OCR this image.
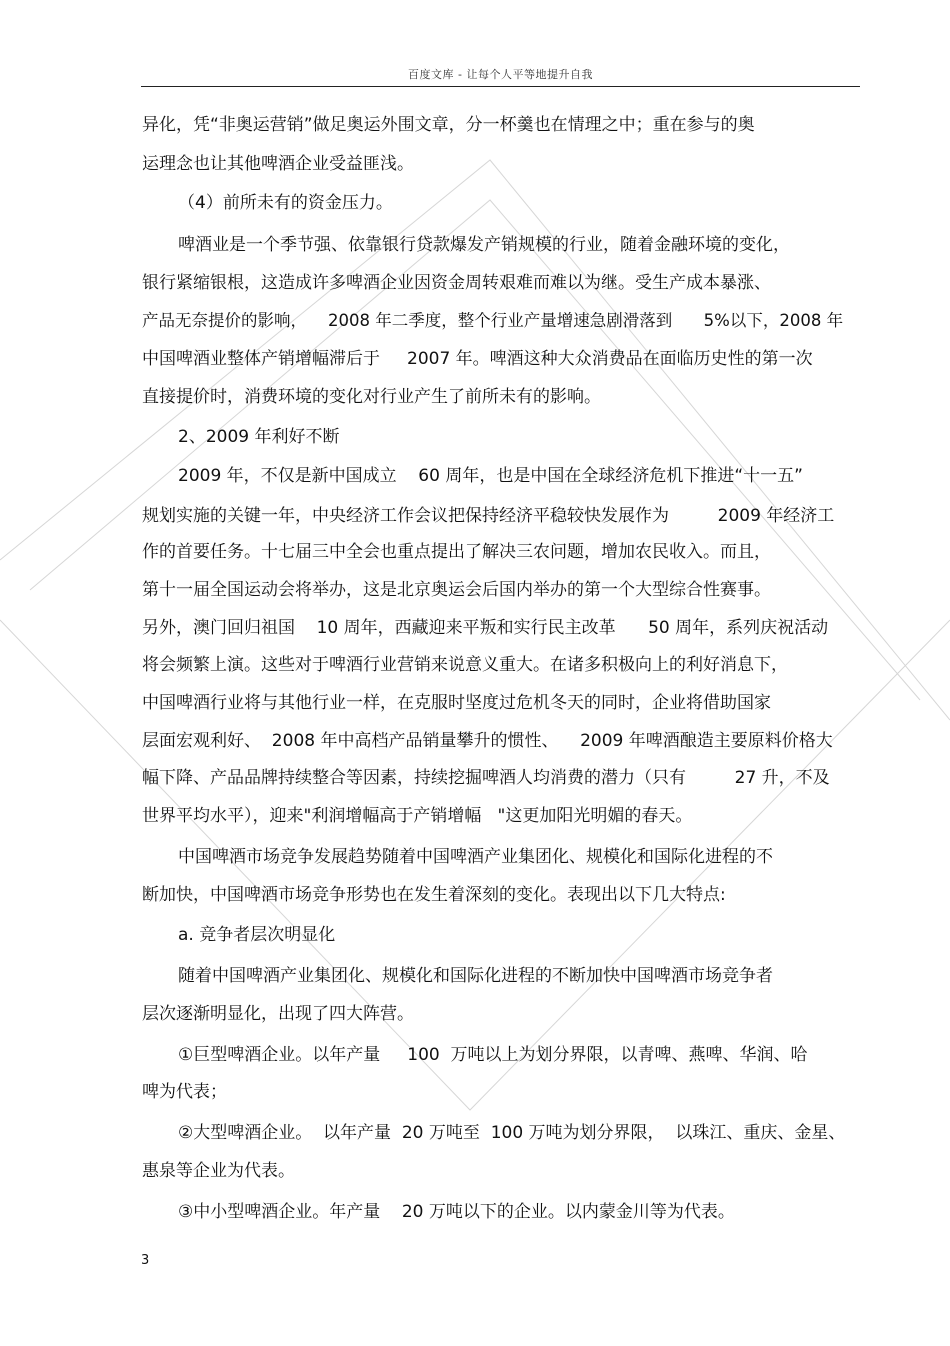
百度文库 - 让每个人平等地提升自我
异化，凭“非奥运营销”做足奥运外围文章，分一杯羹也在情理之中；重在参与的奥
运理念也让其他啤酒企业受益匪浅。
（4）前所未有的资金压力。
啤酒业是一个季节强、依靠银行贷款爆发产销规模的行业，随着金融环境的变化，
银行紧缩银根，这造成许多啤酒企业因资金周转艰难而难以为继。受生产成本暴涨、
产品无奈提价的影响，    2008 年二季度，整个行业产量增速急剧滑落到      5%以下，2008 年
中国啤酒业整体产销增幅滞后于     2007 年。啤酒这种大众消费品在面临历史性的第一次
直接提价时，消费环境的变化对行业产生了前所未有的影响。
2、2009 年利好不断
2009 年，不仅是新中国成立    60 周年，也是中国在全球经济危机下推进“十一五”
规划实施的关键一年，中央经济工作会议把保持经济平稳较快发展作为         2009 年经济工
作的首要任务。十七届三中全会也重点提出了解决三农问题，增加农民收入。而且，
第十一届全国运动会将举办，这是北京奥运会后国内举办的第一个大型综合性赛事。
另外，澳门回归祖国    10 周年，西藏迎来平叛和实行民主改革      50 周年，系列庆祝活动
将会频繁上演。这些对于啤酒行业营销来说意义重大。在诸多积极向上的利好消息下，
中国啤酒行业将与其他行业一样，在克服时坚度过危机冬天的同时，企业将借助国家
层面宏观利好、  2008 年中高档产品销量攀升的惯性、    2009 年啤酒酿造主要原料价格大
幅下降、产品品牌持续整合等因素，持续挖掘啤酒人均消费的潜力（只有         27 升，不及
世界平均水平），迎来"利润增幅高于产销增幅   "这更加阳光明媚的春天。
中国啤酒市场竞争发展趋势随着中国啤酒产业集团化、规模化和国际化进程的不
断加快，中国啤酒市场竞争形势也在发生着深刻的变化。表现出以下几大特点:
a. 竞争者层次明显化
随着中国啤酒产业集团化、规模化和国际化进程的不断加快中国啤酒市场竞争者
层次逐渐明显化，出现了四大阵营。
①巨型啤酒企业。以年产量     100  万吨以上为划分界限，以青啤、燕啤、华润、哈
啤为代表；
②大型啤酒企业。  以年产量  20 万吨至  100 万吨为划分界限，  以珠江、重庆、金星、
惠泉等企业为代表。
③中小型啤酒企业。年产量    20 万吨以下的企业。以内蒙金川等为代表。
3
